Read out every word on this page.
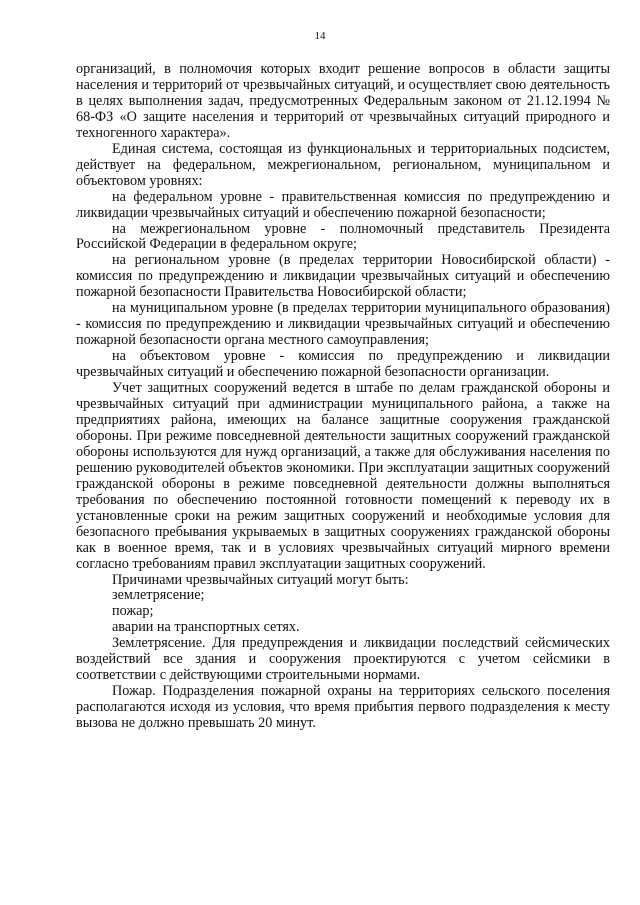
14

организаций, в полномочия которых входит решение вопросов в области защиты населения и территорий от чрезвычайных ситуаций, и осуществляет свою деятельность в целях выполнения задач, предусмотренных Федеральным законом от 21.12.1994 № 68-ФЗ «О защите населения и территорий от чрезвычайных ситуаций природного и техногенного характера».

Единая система, состоящая из функциональных и территориальных подсистем, действует на федеральном, межрегиональном, региональном, муниципальном и объектовом уровнях:

на федеральном уровне - правительственная комиссия по предупреждению и ликвидации чрезвычайных ситуаций и обеспечению пожарной безопасности;

на межрегиональном уровне - полномочный представитель Президента Российской Федерации в федеральном округе;

на региональном уровне (в пределах территории Новосибирской области) - комиссия по предупреждению и ликвидации чрезвычайных ситуаций и обеспечению пожарной безопасности Правительства Новосибирской области;

на муниципальном уровне (в пределах территории муниципального образования) - комиссия по предупреждению и ликвидации чрезвычайных ситуаций и обеспечению пожарной безопасности органа местного самоуправления;

на объектовом уровне - комиссия по предупреждению и ликвидации чрезвычайных ситуаций и обеспечению пожарной безопасности организации.

Учет защитных сооружений ведется в штабе по делам гражданской обороны и чрезвычайных ситуаций при администрации муниципального района, а также на предприятиях района, имеющих на балансе защитные сооружения гражданской обороны. При режиме повседневной деятельности защитных сооружений гражданской обороны используются для нужд организаций, а также для обслуживания населения по решению руководителей объектов экономики. При эксплуатации защитных сооружений гражданской обороны в режиме повседневной деятельности должны выполняться требования по обеспечению постоянной готовности помещений к переводу их в установленные сроки на режим защитных сооружений и необходимые условия для безопасного пребывания укрываемых в защитных сооружениях гражданской обороны как в военное время, так и в условиях чрезвычайных ситуаций мирного времени согласно требованиям правил эксплуатации защитных сооружений.

Причинами чрезвычайных ситуаций могут быть:

землетрясение;

пожар;

аварии на транспортных сетях.

Землетрясение. Для предупреждения и ликвидации последствий сейсмических воздействий все здания и сооружения проектируются с учетом сейсмики в соответствии с действующими строительными нормами.

Пожар. Подразделения пожарной охраны на территориях сельского поселения располагаются исходя из условия, что время прибытия первого подразделения к месту вызова не должно превышать 20 минут.
